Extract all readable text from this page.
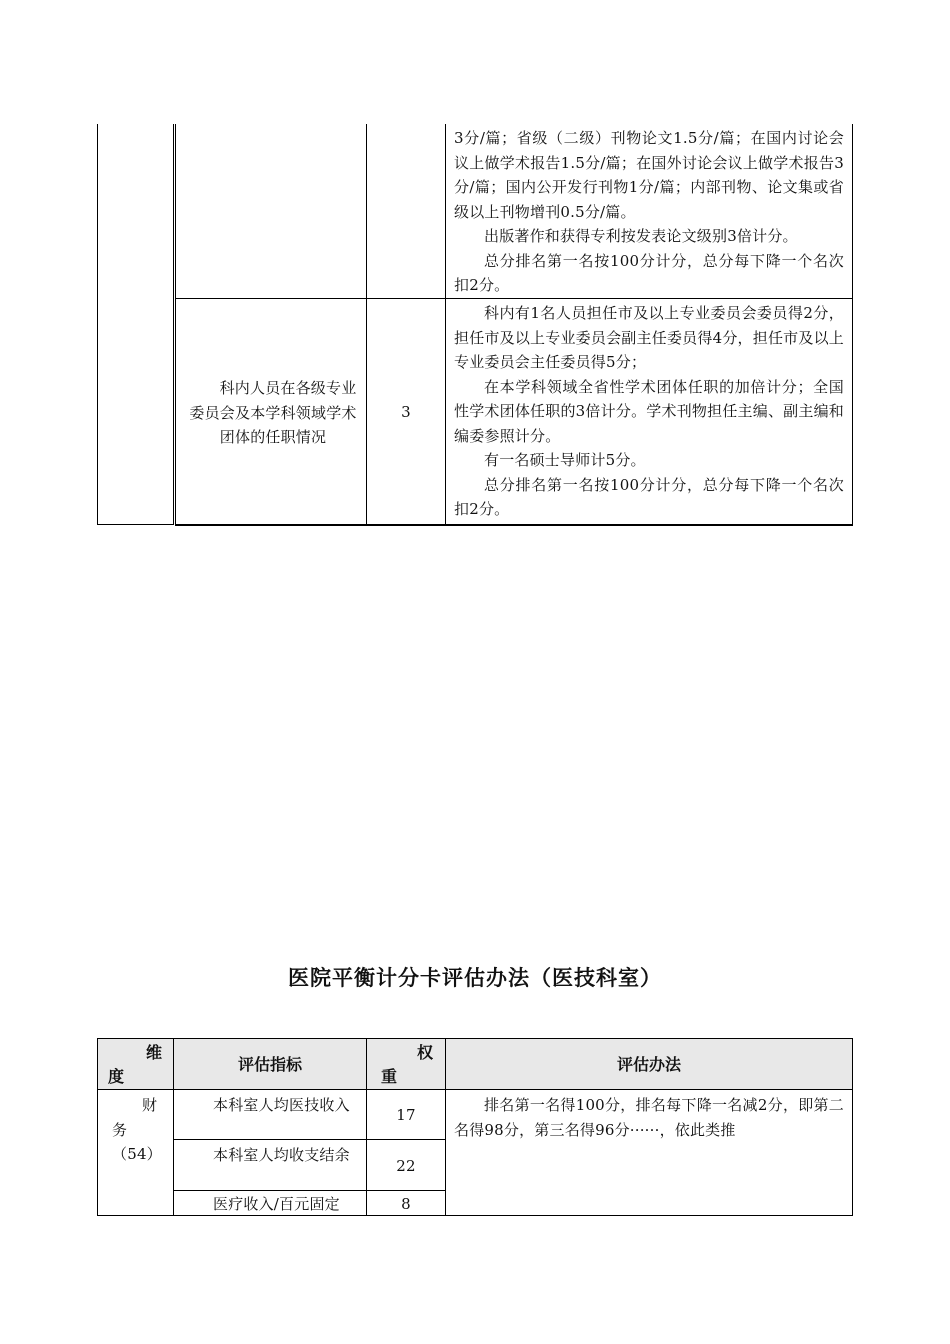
3分/篇；省级（二级）刊物论文1.5分/篇；在国内讨论会议上做学术报告1.5分/篇；在国外讨论会议上做学术报告3分/篇；国内公开发行刊物1分/篇；内部刊物、论文集或省级以上刊物增刊0.5分/篇。

出版著作和获得专利按发表论文级别3倍计分。

总分排名第一名按100分计分，总分每下降一个名次扣2分。

科内人员在各级专业委员会及本学科领域学术团体的任职情况

3

科内有1名人员担任市及以上专业委员会委员得2分，担任市及以上专业委员会副主任委员得4分，担任市及以上专业委员会主任委员得5分；

在本学科领域全省性学术团体任职的加倍计分；全国性学术团体任职的3倍计分。学术刊物担任主编、副主编和编委参照计分。

有一名硕士导师计5分。

总分排名第一名按100分计分，总分每下降一个名次扣2分。

医院平衡计分卡评估办法（医技科室）
维度
评估指标
权重
评估办法

财务（54）

本科室人均医技收入

本科室人均收支结余

医疗收入/百元固定

17
22
8

排名第一名得100分，排名每下降一名减2分，即第二名得98分，第三名得96分······，依此类推
